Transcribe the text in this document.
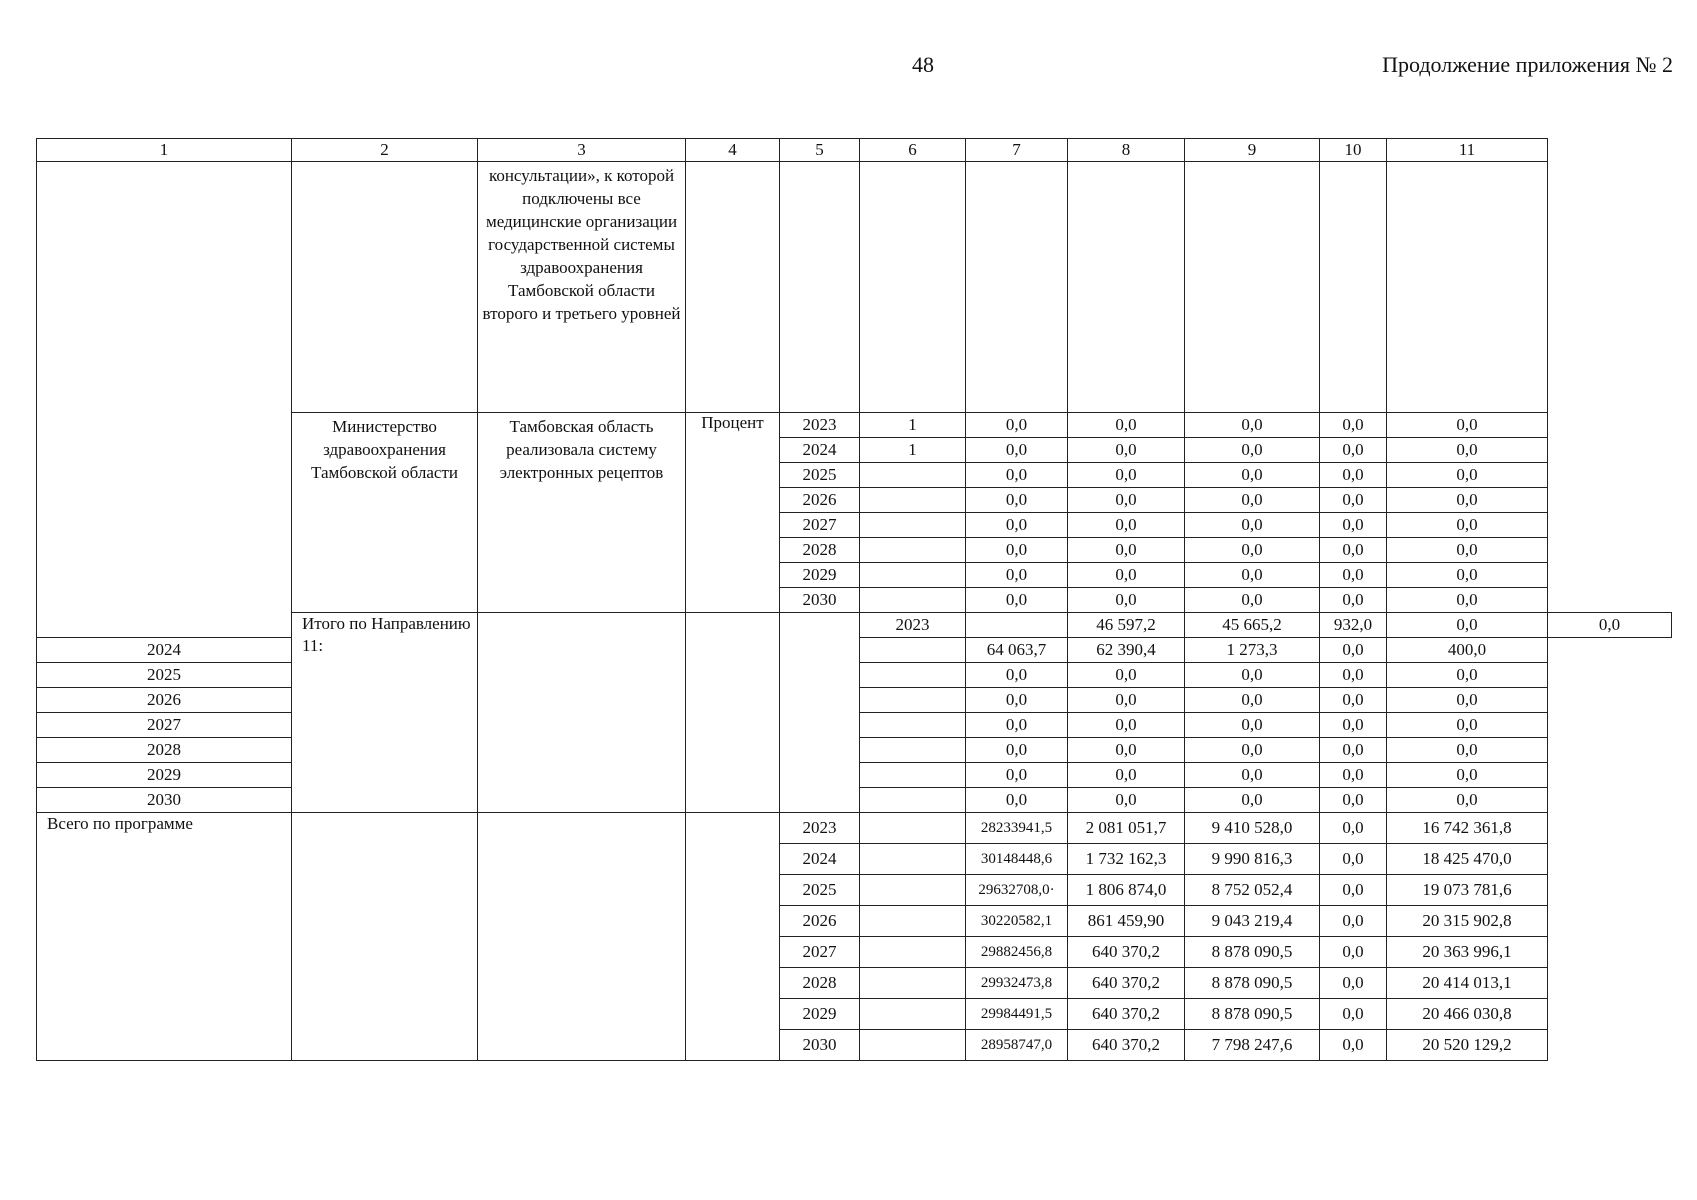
48	Продолжение приложения № 2
1	2	3	4	5	6	7	8	9	10	11	
		консультации», к которой подключены все медицинские организации государственной системы здравоохранения Тамбовской области второго и третьего уровней									
	Министерство здравоохранения Тамбовской области	Тамбовская область реализовала систему электронных рецептов	Процент	2023	1	0,0	0,0	0,0	0,0	0,0	
				2024	1	0,0	0,0	0,0	0,0	0,0	
				2025		0,0	0,0	0,0	0,0	0,0	
				2026		0,0	0,0	0,0	0,0	0,0	
				2027		0,0	0,0	0,0	0,0	0,0	
				2028		0,0	0,0	0,0	0,0	0,0	
				2029		0,0	0,0	0,0	0,0	0,0	
				2030		0,0	0,0	0,0	0,0	0,0	
	Итого по Направлению 11:				2023		46 597,2	45 665,2	932,0	0,0	0,0
2024						64 063,7	62 390,4	1 273,3	0,0	400,0	
2025						0,0	0,0	0,0	0,0	0,0	
2026						0,0	0,0	0,0	0,0	0,0	
2027						0,0	0,0	0,0	0,0	0,0	
2028						0,0	0,0	0,0	0,0	0,0	
2029						0,0	0,0	0,0	0,0	0,0	
2030						0,0	0,0	0,0	0,0	0,0	
Всего по программе				2023		28233941,5	2 081 051,7	9 410 528,0	0,0	16 742 361,8	
				2024		30148448,6	1 732 162,3	9 990 816,3	0,0	18 425 470,0	
				2025		29632708,0·	1 806 874,0	8 752 052,4	0,0	19 073 781,6	
				2026		30220582,1	861 459,90	9 043 219,4	0,0	20 315 902,8	
				2027		29882456,8	640 370,2	8 878 090,5	0,0	20 363 996,1	
				2028		29932473,8	640 370,2	8 878 090,5	0,0	20 414 013,1	
				2029		29984491,5	640 370,2	8 878 090,5	0,0	20 466 030,8	
				2030		28958747,0	640 370,2	7 798 247,6	0,0	20 520 129,2	
